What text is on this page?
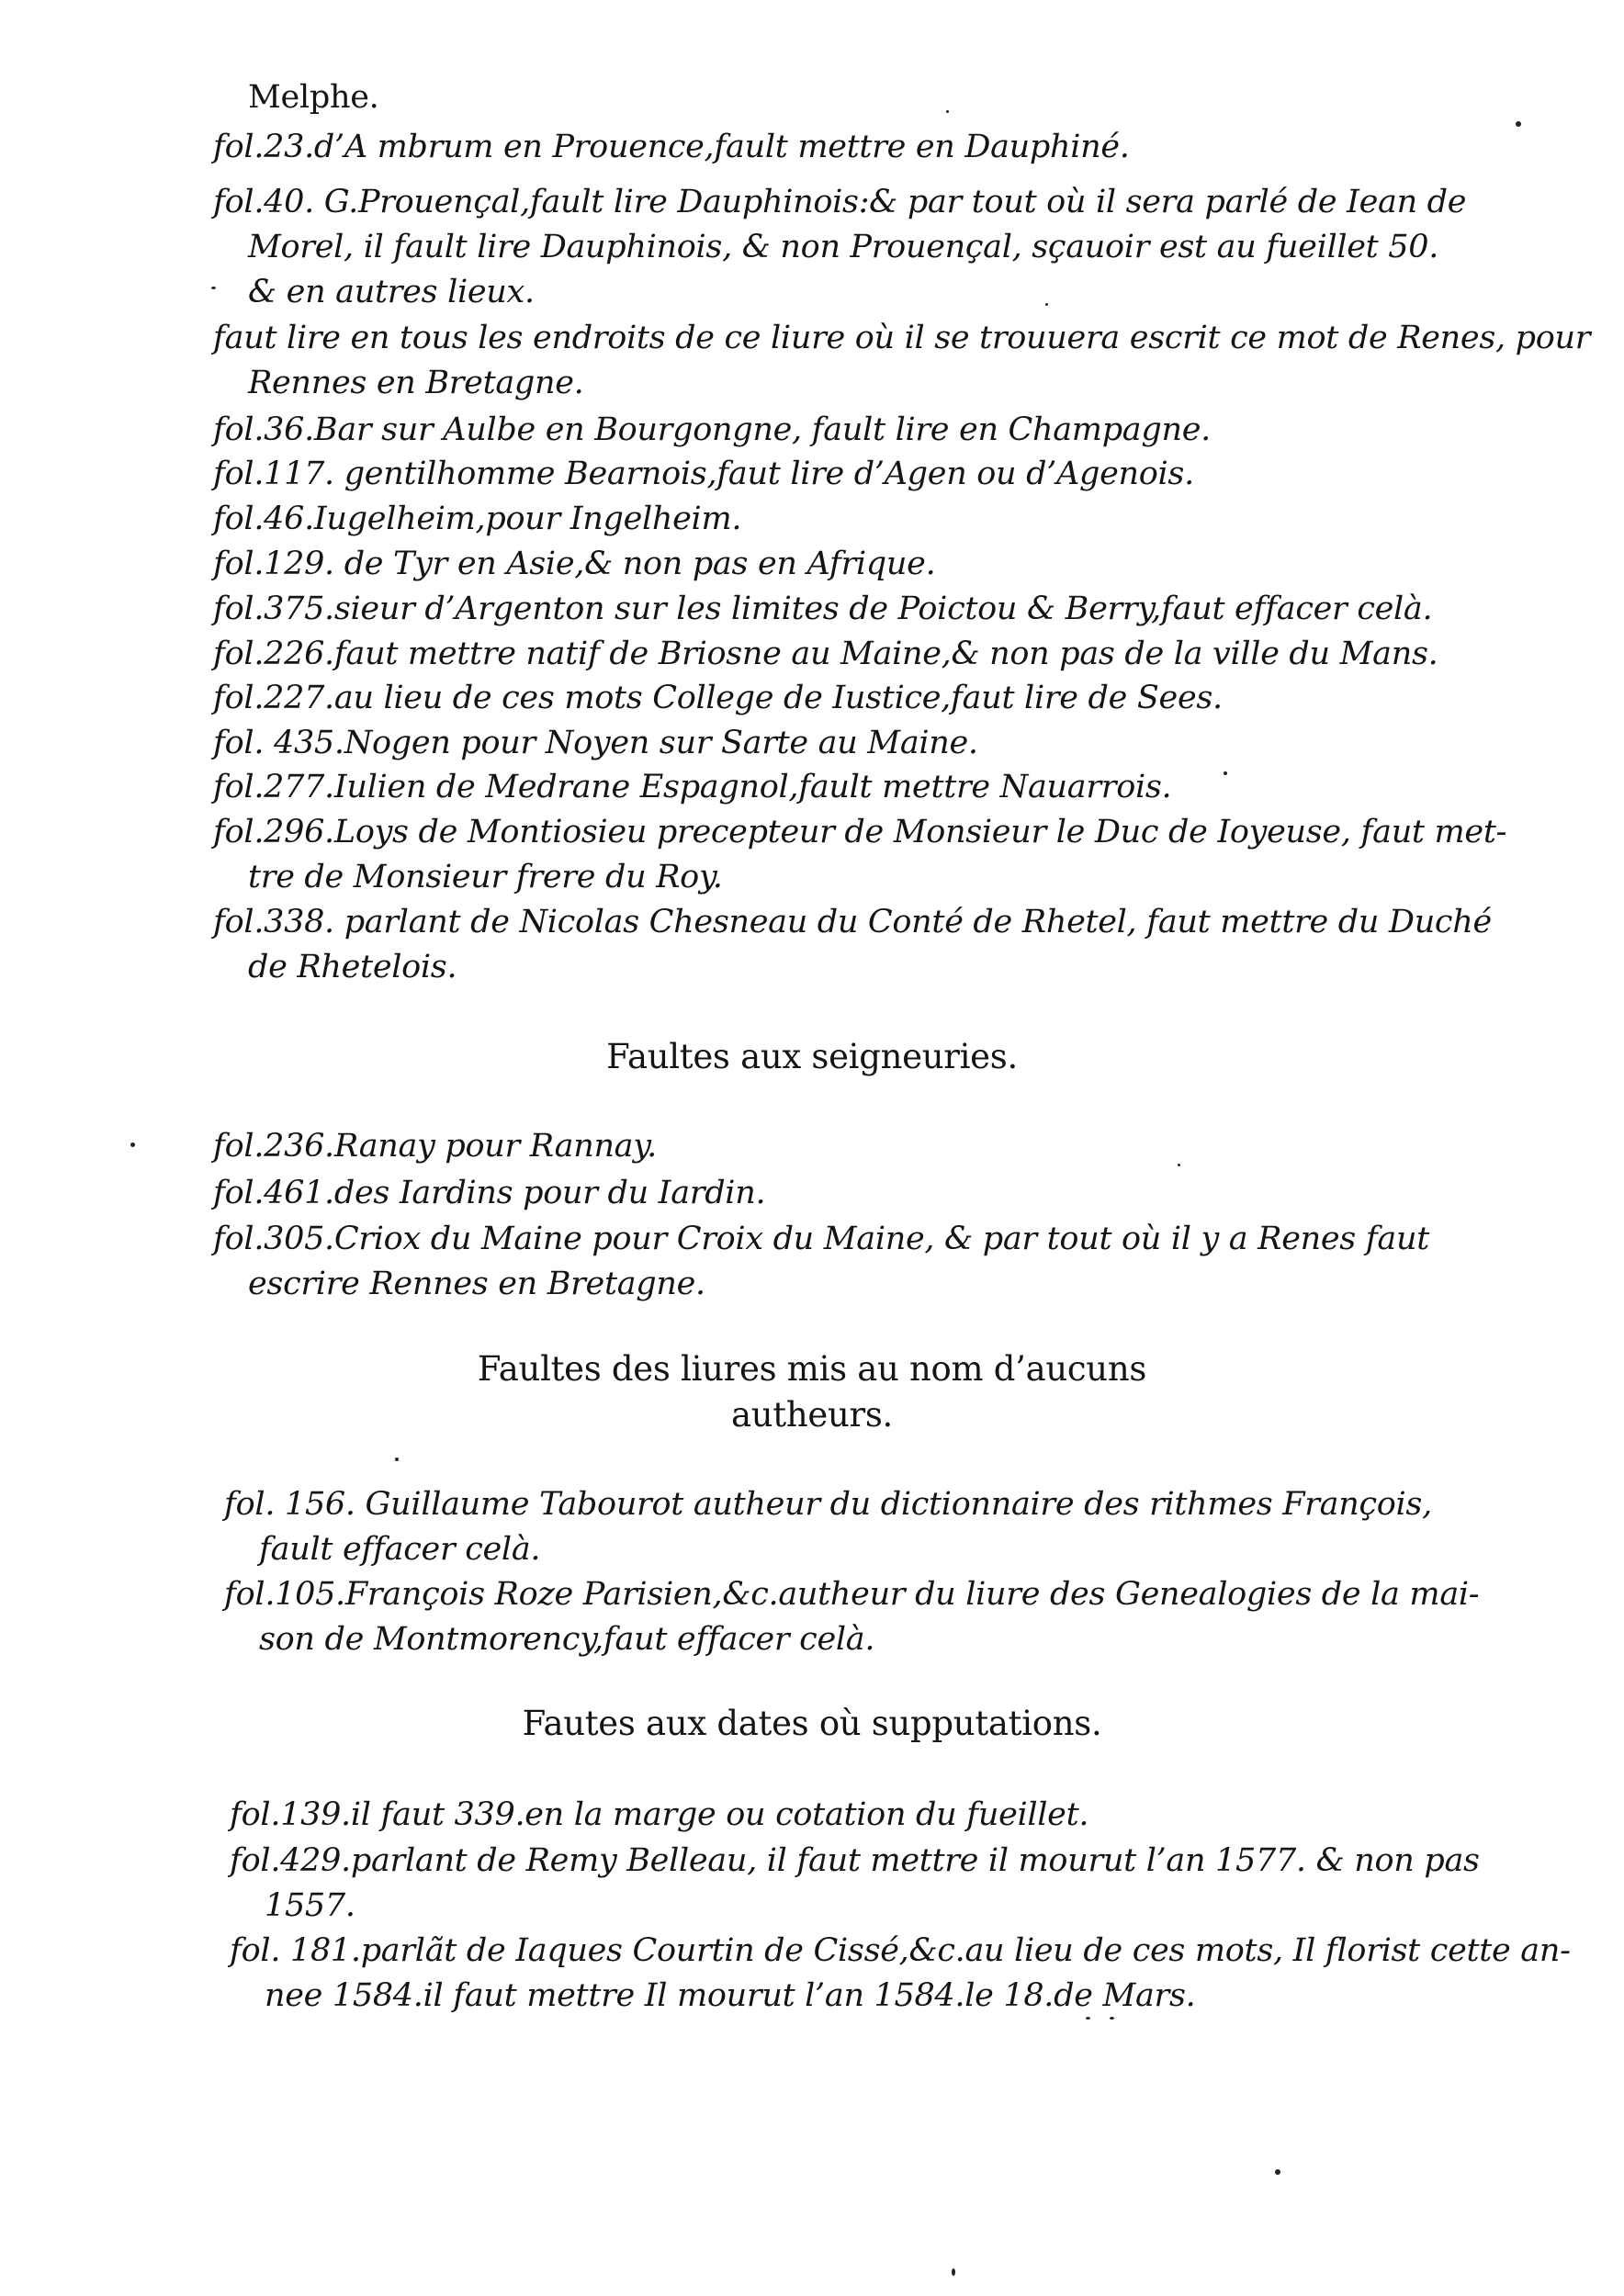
Melphe.
fol.23.d’A mbrum en Prouence,fault mettre en Dauphiné.
fol.40. G.Prouençal,fault lire Dauphinois:& par tout où il sera parlé de Iean de
Morel, il fault lire Dauphinois, & non Prouençal, sçauoir est au fueillet 50.
& en autres lieux.
faut lire en tous les endroits de ce liure où il se trouuera escrit ce mot de Renes, pour
Rennes en Bretagne.
fol.36.Bar sur Aulbe en Bourgongne, fault lire en Champagne.
fol.117. gentilhomme Bearnois,faut lire d’Agen ou d’Agenois.
fol.46.Iugelheim,pour Ingelheim.
fol.129. de Tyr en Asie,& non pas en Afrique.
fol.375.sieur d’Argenton sur les limites de Poictou & Berry,faut effacer celà.
fol.226.faut mettre natif de Briosne au Maine,& non pas de la ville du Mans.
fol.227.au lieu de ces mots College de Iustice,faut lire de Sees.
fol. 435.Nogen pour Noyen sur Sarte au Maine.
fol.277.Iulien de Medrane Espagnol,fault mettre Nauarrois.
fol.296.Loys de Montiosieu precepteur de Monsieur le Duc de Ioyeuse, faut met-
tre de Monsieur frere du Roy.
fol.338. parlant de Nicolas Chesneau du Conté de Rhetel, faut mettre du Duché
de Rhetelois.
Faultes aux seigneuries.
fol.236.Ranay pour Rannay.
fol.461.des Iardins pour du Iardin.
fol.305.Criox du Maine pour Croix du Maine, & par tout où il y a Renes faut
escrire Rennes en Bretagne.
Faultes des liures mis au nom d’aucuns
autheurs.
fol. 156. Guillaume Tabourot autheur du dictionnaire des rithmes François,
fault effacer celà.
fol.105.François Roze Parisien,&c.autheur du liure des Genealogies de la mai-
son de Montmorency,faut effacer celà.
Fautes aux dates où supputations.
fol.139.il faut 339.en la marge ou cotation du fueillet.
fol.429.parlant de Remy Belleau, il faut mettre il mourut l’an 1577. & non pas
1557.
fol. 181.parlãt de Iaques Courtin de Cissé,&c.au lieu de ces mots, Il florist cette an-
nee 1584.il faut mettre Il mourut l’an 1584.le 18.de Mars.
